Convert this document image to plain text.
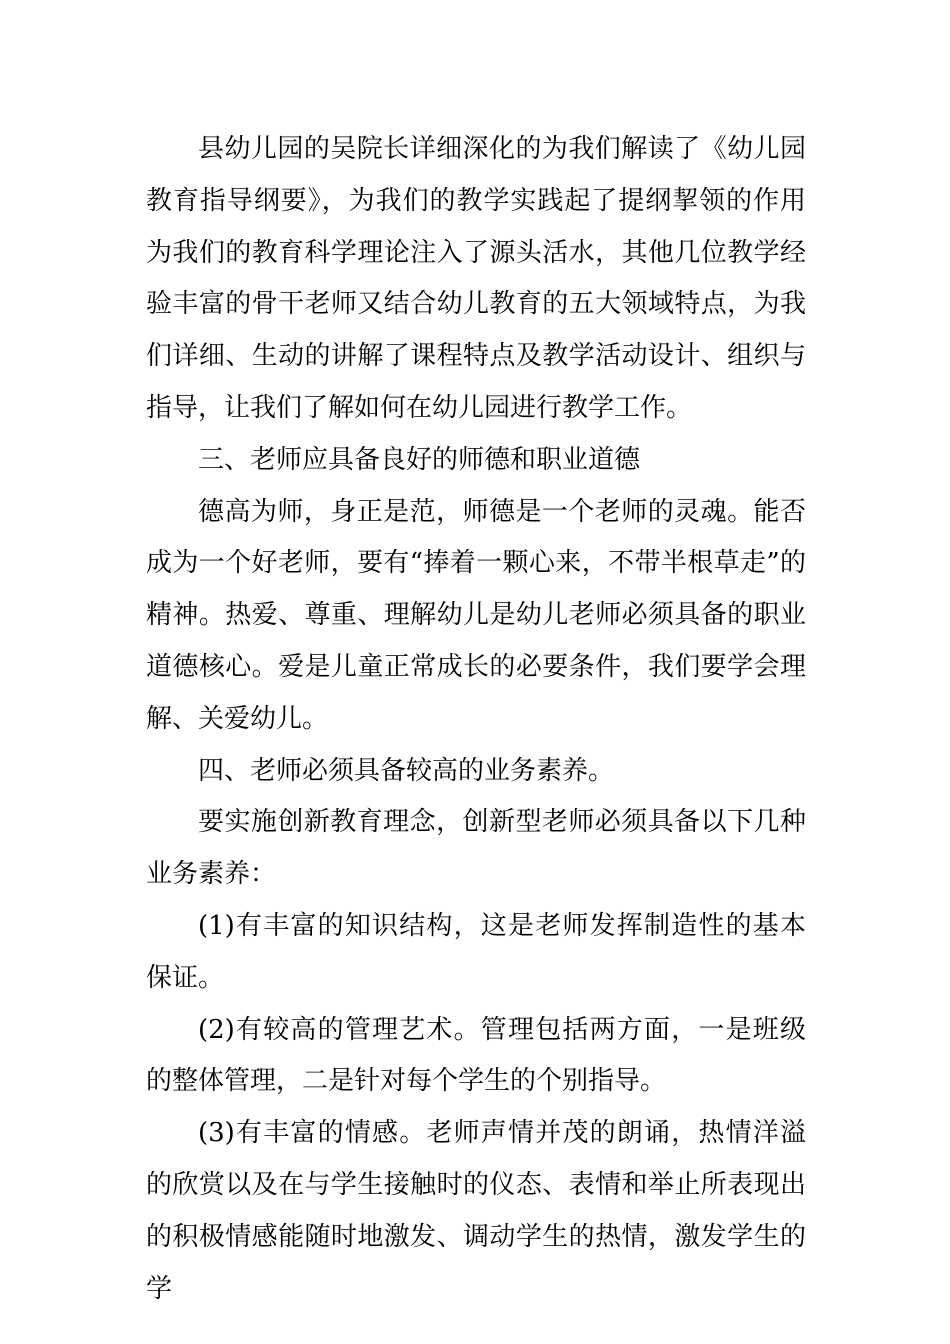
县幼儿园的吴院长详细深化的为我们解读了《幼儿园教育指导纲要》，为我们的教学实践起了提纲挈领的作用为我们的教育科学理论注入了源头活水，其他几位教学经验丰富的骨干老师又结合幼儿教育的五大领域特点，为我们详细、生动的讲解了课程特点及教学活动设计、组织与指导，让我们了解如何在幼儿园进行教学工作。

三、老师应具备良好的师德和职业道德

德高为师，身正是范，师德是一个老师的灵魂。能否成为一个好老师，要有“捧着一颗心来，不带半根草走”的精神。热爱、尊重、理解幼儿是幼儿老师必须具备的职业道德核心。爱是儿童正常成长的必要条件，我们要学会理解、关爱幼儿。

四、老师必须具备较高的业务素养。

要实施创新教育理念，创新型老师必须具备以下几种业务素养：

(1)有丰富的知识结构，这是老师发挥制造性的基本保证。

(2)有较高的管理艺术。管理包括两方面，一是班级的整体管理，二是针对每个学生的个别指导。

(3)有丰富的情感。老师声情并茂的朗诵，热情洋溢的欣赏以及在与学生接触时的仪态、表情和举止所表现出的积极情感能随时地激发、调动学生的热情，激发学生的学
